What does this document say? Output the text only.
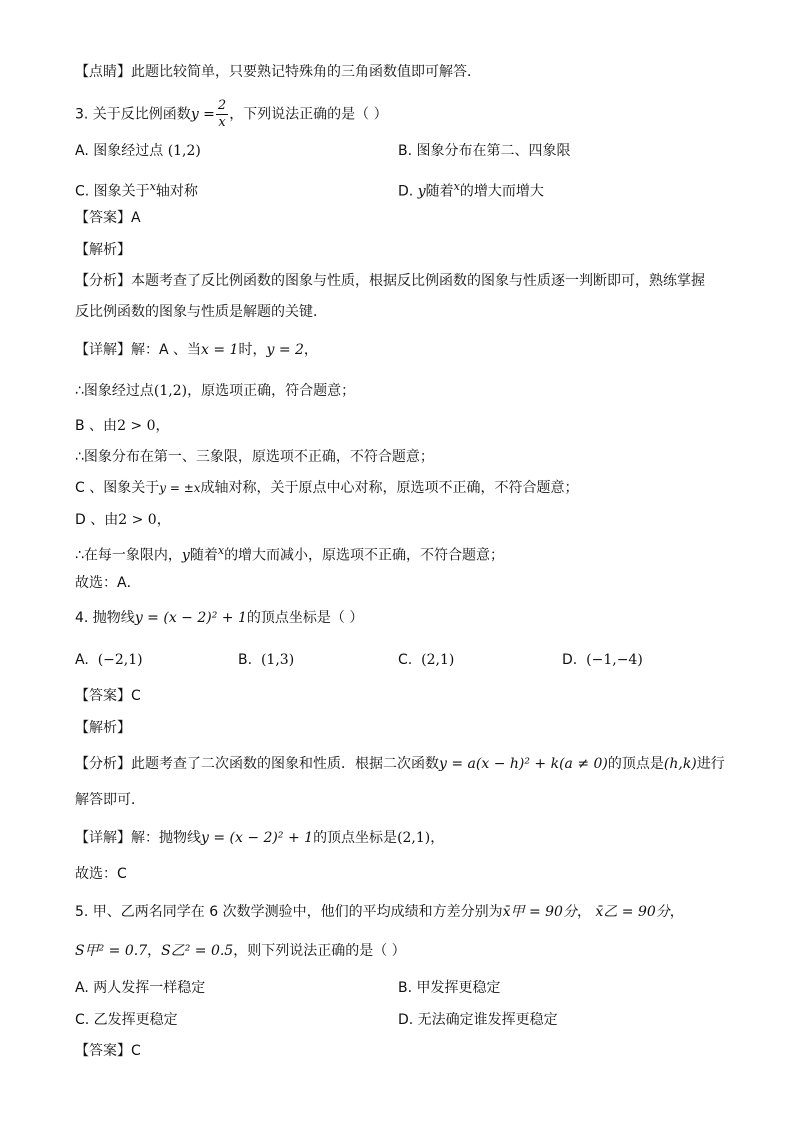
【点睛】此题比较简单，只要熟记特殊角的三角函数值即可解答．
3. 关于反比例函数$y = \frac{2}{x}$ ，下列说法正确的是（ ）
A. 图象经过点 (1,2)	B. 图象分布在第二、四象限
C. 图象关于$^x$轴对称	D. y随着$^x$的增大而增大
【答案】A
【解析】
【分析】本题考查了反比例函数的图象与性质，根据反比例函数的图象与性质逐一判断即可，熟练掌握
反比例函数的图象与性质是解题的关键．
【详解】解：A 、当x = 1时，y = 2，
∴图象经过点(1,2)，原选项正确，符合题意；
B 、由2 > 0，
∴图象分布在第一、三象限，原选项不正确，不符合题意；
C 、图象关于y = ±x成轴对称，关于原点中心对称，原选项不正确，不符合题意；
D 、由2 > 0，
∴在每一象限内，y随着$^x$的增大而减小，原选项不正确，不符合题意；
故选：A．
4. 抛物线y = (x − 2)² + 1的顶点坐标是（ ）
A. (−2,1)	B. (1,3)	C. (2,1)	D. (−1,−4)
【答案】C
【解析】
【分析】此题考查了二次函数的图象和性质．根据二次函数y = a(x − h)² + k(a ≠ 0)的顶点是(h,k)进行
解答即可．
【详解】解：抛物线y = (x − 2)² + 1的顶点坐标是(2,1)，
故选：C
5. 甲、乙两名同学在 6 次数学测验中，他们的平均成绩和方差分别为x̄甲 = 90分， x̄乙 = 90分，
S甲² = 0.7，S乙² = 0.5，则下列说法正确的是（ ）
A. 两人发挥一样稳定	B. 甲发挥更稳定
C. 乙发挥更稳定	D. 无法确定谁发挥更稳定
【答案】C
